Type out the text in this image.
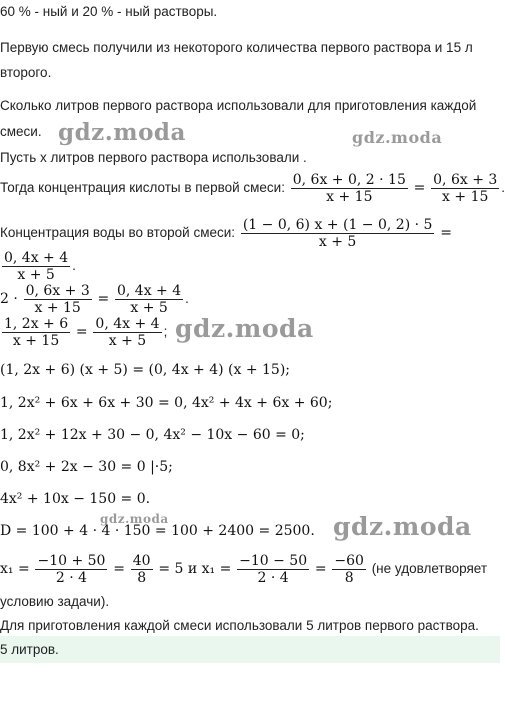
60 % - ный и 20 % - ный растворы.
Первую смесь получили из некоторого количества первого раствора и 15 л
второго.
Сколько литров первого раствора использовали для приготовления каждой
смеси.
Пусть x литров первого раствора использовали .
Тогда концентрация кислоты в первой смеси: $\frac{0, 6x + 0, 2 \cdot 15}{x + 15} = \frac{0, 6x + 3}{x + 15}$ .
Концентрация воды во второй смеси: $\frac{(1 - 0, 6) x + (1 - 0, 2) \cdot 5}{x + 5}$ =
$\frac{0, 4x + 4}{x + 5}$ .
$2 \cdot \frac{0, 6x + 3}{x + 15} = \frac{0, 4x + 4}{x + 5}$ .
$\frac{1, 2x + 6}{x + 15} = \frac{0, 4x + 4}{x + 5}$ ;
(1, 2x + 6) (x + 5) = (0, 4x + 4) (x + 15);
1, 2x² + 6x + 6x + 30 = 0, 4x² + 4x + 6x + 60;
1, 2x² + 12x + 30 − 0, 4x² − 10x − 60 = 0;
0, 8x² + 2x − 30 = 0 |·5;
4x² + 10x − 150 = 0.
D = 100 + 4 · 4 · 150 = 100 + 2400 = 2500.
$x_1 = \frac{-10 + 50}{2 \cdot 4} = \frac{40}{8} = 5$ и $x_1 = \frac{-10 - 50}{2 \cdot 4} = \frac{-60}{8} (не$ удовлетворяет
условию задачи).
Для приготовления каждой смеси использовали 5 литров первого раствора.
5 литров.
gdz.moda	gdz.moda
gdz.moda
gdz.moda	gdz.moda
